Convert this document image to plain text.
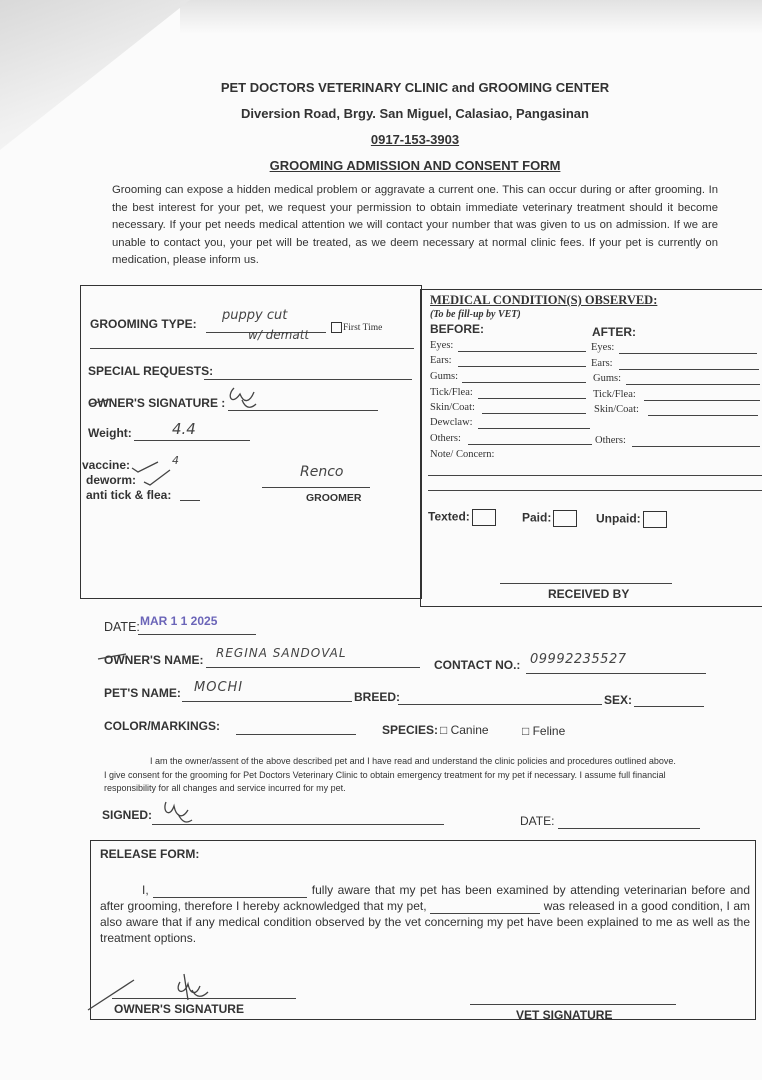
PET DOCTORS VETERINARY CLINIC and GROOMING CENTER
Diversion Road, Brgy. San Miguel, Calasiao, Pangasinan
0917-153-3903
GROOMING ADMISSION AND CONSENT FORM
Grooming can expose a hidden medical problem or aggravate a current one. This can occur during or after grooming. In the best interest for your pet, we request your permission to obtain immediate veterinary treatment should it become necessary. If your pet needs medical attention we will contact your number that was given to us on admission. If we are unable to contact you, your pet will be treated, as we deem necessary at normal clinic fees. If your pet is currently on medication, please inform us.
GROOMING TYPE:
puppy cut
w/ dematt	First Time
SPECIAL REQUESTS:
OWNER'S SIGNATURE :
Weight:	4.4
vaccine:	4
deworm:
anti tick & flea:
Renco
GROOMER
MEDICAL CONDITION(S) OBSERVED:
(To be fill-up by VET)
BEFORE:	AFTER:
Eyes:	Eyes:
Ears:	Ears:
Gums:	Gums:
Tick/Flea:	Tick/Flea:
Skin/Coat:	Skin/Coat:
Dewclaw:
Others:	Others:
Note/ Concern:
Texted:	Paid:	Unpaid:
RECEIVED BY
DATE: MAR 1 1 2025
OWNER'S NAME: REGINA SANDOVAL
CONTACT NO.: 09992235527
PET'S NAME: MOCHI
BREED:	SEX:
COLOR/MARKINGS:	SPECIES: □ Canine	□ Feline
I am the owner/assent of the above described pet and I have read and understand the clinic policies and procedures outlined above.
I give consent for the grooming for Pet Doctors Veterinary Clinic to obtain emergency treatment for my pet if necessary. I assume full financial responsibility for all changes and service incurred for my pet.
SIGNED:	DATE:
RELEASE FORM:
I,	fully aware that my pet has been examined by attending veterinarian before and after grooming, therefore I hereby acknowledged that my pet,	was released in a good condition, I am also aware that if any medical condition observed by the vet concerning my pet have been explained to me as well as the treatment options.
OWNER'S SIGNATURE	VET SIGNATURE
